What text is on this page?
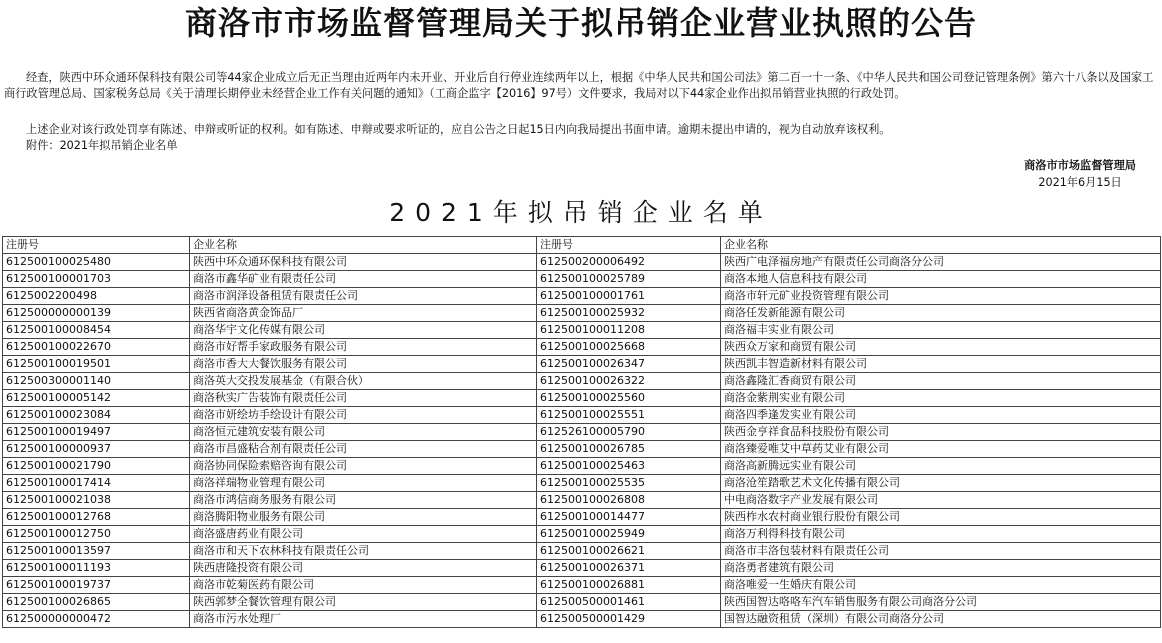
商洛市市场监督管理局关于拟吊销企业营业执照的公告
经查，陕西中环众通环保科技有限公司等44家企业成立后无正当理由近两年内未开业、开业后自行停业连续两年以上，根据《中华人民共和国公司法》第二百一十一条、《中华人民共和国公司登记管理条例》第六十八条以及国家工商行政管理总局、国家税务总局《关于清理长期停业未经营企业工作有关问题的通知》（工商企监字【2016】97号）文件要求，我局对以下44家企业作出拟吊销营业执照的行政处罚。
上述企业对该行政处罚享有陈述、申辩或听证的权利。如有陈述、申辩或要求听证的，应自公告之日起15日内向我局提出书面申请。逾期未提出申请的，视为自动放弃该权利。
附件：2021年拟吊销企业名单
商洛市市场监督管理局
2021年6月15日
2021年拟吊销企业名单
注册号	企业名称	注册号	企业名称
612500100025480	陕西中环众通环保科技有限公司	612500200006492	陕西广电泽福房地产有限责任公司商洛分公司
612500100001703	商洛市鑫华矿业有限责任公司	612500100025789	商洛本地人信息科技有限公司
6125002200498	商洛市润泽设备租赁有限责任公司	612500100001761	商洛市轩元矿业投资管理有限公司
612500000000139	陕西省商洛黄金饰品厂	612500100025932	商洛任发新能源有限公司
612500100008454	商洛华宇文化传媒有限公司	612500100011208	商洛福丰实业有限公司
612500100022670	商洛市好帮手家政服务有限公司	612500100025668	陕西众万家和商贸有限公司
612500100019501	商洛市香大大餐饮服务有限公司	612500100026347	陕西凯丰智造新材料有限公司
612500300001140	商洛英大交投发展基金（有限合伙）	612500100026322	商洛鑫隆汇香商贸有限公司
612500100005142	商洛秋实广告装饰有限责任公司	612500100025560	商洛金紫荆实业有限公司
612500100023084	商洛市妍绘坊手绘设计有限公司	612500100025551	商洛四季逢发实业有限公司
612500100019497	商洛恒元建筑安装有限公司	612526100005790	陕西金亨祥食品科技股份有限公司
612500100000937	商洛市昌盛粘合剂有限责任公司	612500100026785	商洛臻爱唯艾中草药艾业有限公司
612500100021790	商洛协同保险索赔咨询有限公司	612500100025463	商洛高新腾远实业有限公司
612500100017414	商洛祥瑞物业管理有限公司	612500100025535	商洛沧笙踏歌艺术文化传播有限公司
612500100021038	商洛市鸿信商务服务有限公司	612500100026808	中电商洛数字产业发展有限公司
612500100012768	商洛腾阳物业服务有限公司	612500100014477	陕西柞水农村商业银行股份有限公司
612500100012750	商洛盛唐药业有限公司	612500100025949	商洛万利得科技有限公司
612500100013597	商洛市和天下农林科技有限责任公司	612500100026621	商洛市丰洛包装材料有限责任公司
612500100011193	陕西唐隆投资有限公司	612500100026371	商洛勇者建筑有限公司
612500100019737	商洛市乾菊医药有限公司	612500100026881	商洛唯爱一生婚庆有限公司
612500100026865	陕西郭梦全餐饮管理有限公司	612500500001461	陕西国智达咯咯车汽车销售服务有限公司商洛分公司
612500000000472	商洛市污水处理厂	612500500001429	国智达融资租赁（深圳）有限公司商洛分公司
